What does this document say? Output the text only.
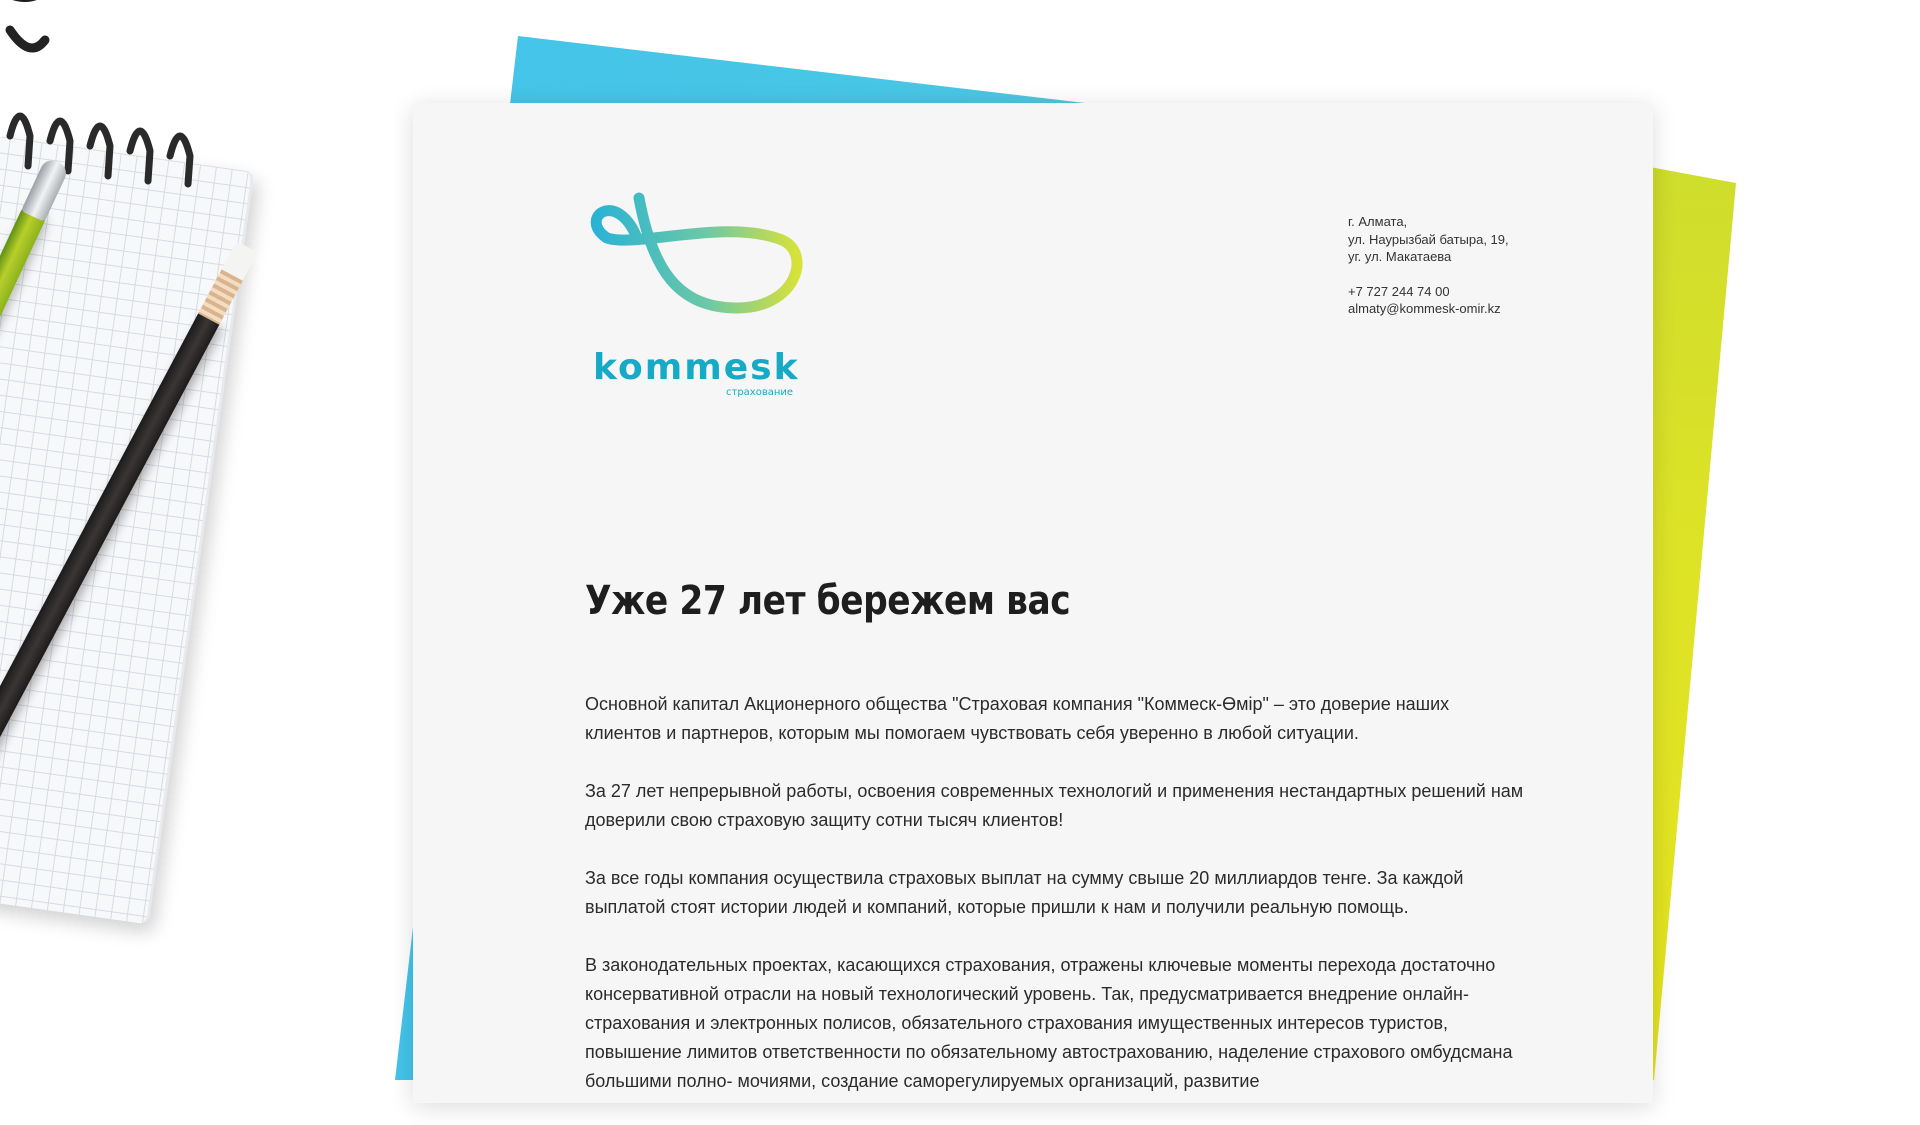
kommesk
страхование
г. Алмата,
ул. Наурызбай батыра, 19,
уг. ул. Макатаева
+7 727 244 74 00
almaty@kommesk-omir.kz
Уже 27 лет бережем вас

Основной капитал Акционерного общества "Страховая компания "Коммеск-Өмір" – это доверие наших клиентов и партнеров, которым мы помогаем чувствовать себя уверенно в любой ситуации.

За 27 лет непрерывной работы, освоения современных технологий и применения нестандартных решений нам доверили свою страховую защиту сотни тысяч клиентов!

За все годы компания осуществила страховых выплат на сумму свыше 20 миллиардов тенге. За каждой выплатой стоят истории людей и компаний, которые пришли к нам и получили реальную помощь.

В законодательных проектах, касающихся страхования, отражены ключевые моменты перехода достаточно консервативной отрасли на новый технологический уровень. Так, предусматривается внедрение онлайн-страхования и электронных полисов, обязательного страхования имущественных интересов туристов, повышение лимитов ответственности по обязательному автострахованию, наделение страхового омбудсмана большими полно- мочиями, создание саморегулируемых организаций, развитие
